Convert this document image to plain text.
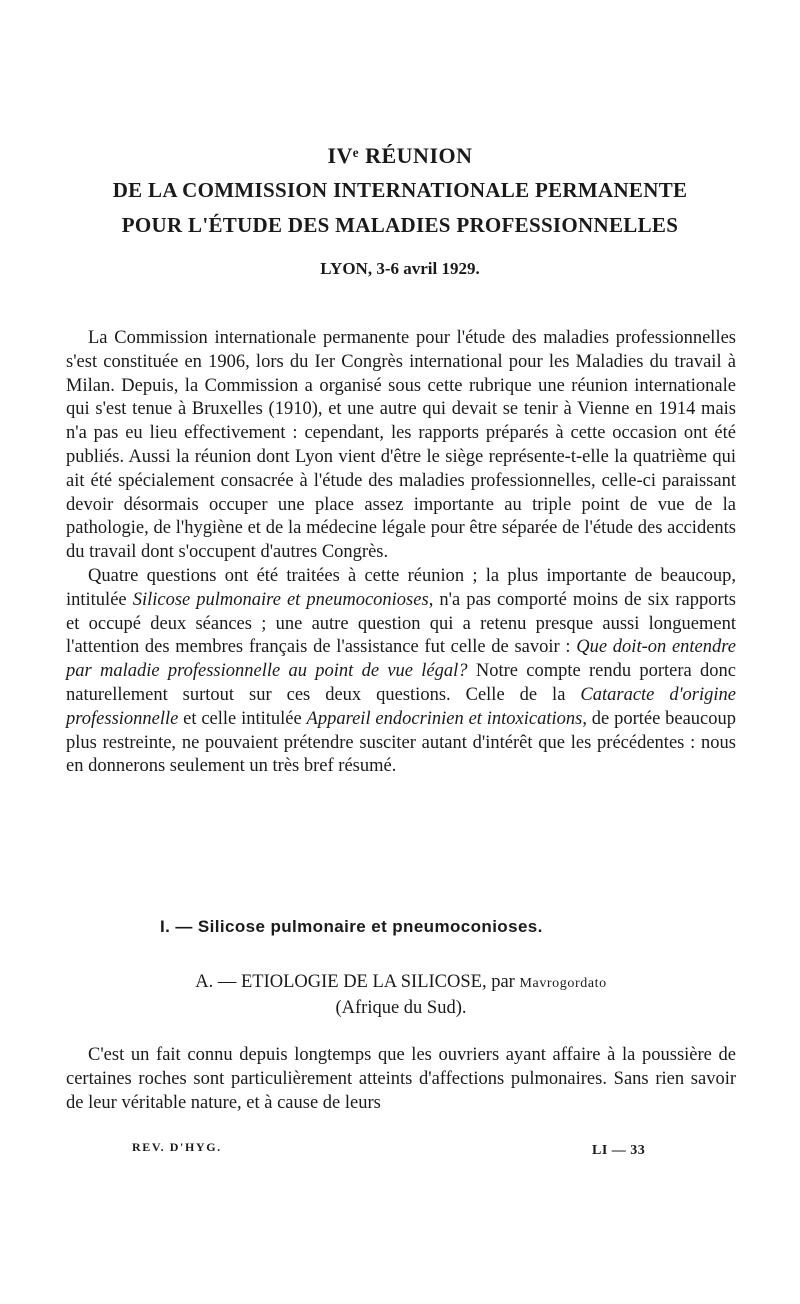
IVᵉ RÉUNION
DE LA COMMISSION INTERNATIONALE PERMANENTE
POUR L'ÉTUDE DES MALADIES PROFESSIONNELLES
LYON, 3-6 avril 1929.

La Commission internationale permanente pour l'étude des maladies professionnelles s'est constituée en 1906, lors du Ier Congrès international pour les Maladies du travail à Milan. Depuis, la Commission a organisé sous cette rubrique une réunion internationale qui s'est tenue à Bruxelles (1910), et une autre qui devait se tenir à Vienne en 1914 mais n'a pas eu lieu effectivement : cependant, les rapports préparés à cette occasion ont été publiés. Aussi la réunion dont Lyon vient d'être le siège représente-t-elle la quatrième qui ait été spécialement consacrée à l'étude des maladies professionnelles, celle-ci paraissant devoir désormais occuper une place assez importante au triple point de vue de la pathologie, de l'hygiène et de la médecine légale pour être séparée de l'étude des accidents du travail dont s'occupent d'autres Congrès.

Quatre questions ont été traitées à cette réunion ; la plus importante de beaucoup, intitulée Silicose pulmonaire et pneumoconioses, n'a pas comporté moins de six rapports et occupé deux séances ; une autre question qui a retenu presque aussi longuement l'attention des membres français de l'assistance fut celle de savoir : Que doit-on entendre par maladie professionnelle au point de vue légal? Notre compte rendu portera donc naturellement surtout sur ces deux questions. Celle de la Cataracte d'origine professionnelle et celle intitulée Appareil endocrinien et intoxications, de portée beaucoup plus restreinte, ne pouvaient prétendre susciter autant d'intérêt que les précédentes : nous en donnerons seulement un très bref résumé.

I. — Silicose pulmonaire et pneumoconioses.
A. — ETIOLOGIE DE LA SILICOSE, par Mavrogordato
(Afrique du Sud).

C'est un fait connu depuis longtemps que les ouvriers ayant affaire à la poussière de certaines roches sont particulièrement atteints d'affections pulmonaires. Sans rien savoir de leur véritable nature, et à cause de leurs

REV. D'HYG.	LI — 33
